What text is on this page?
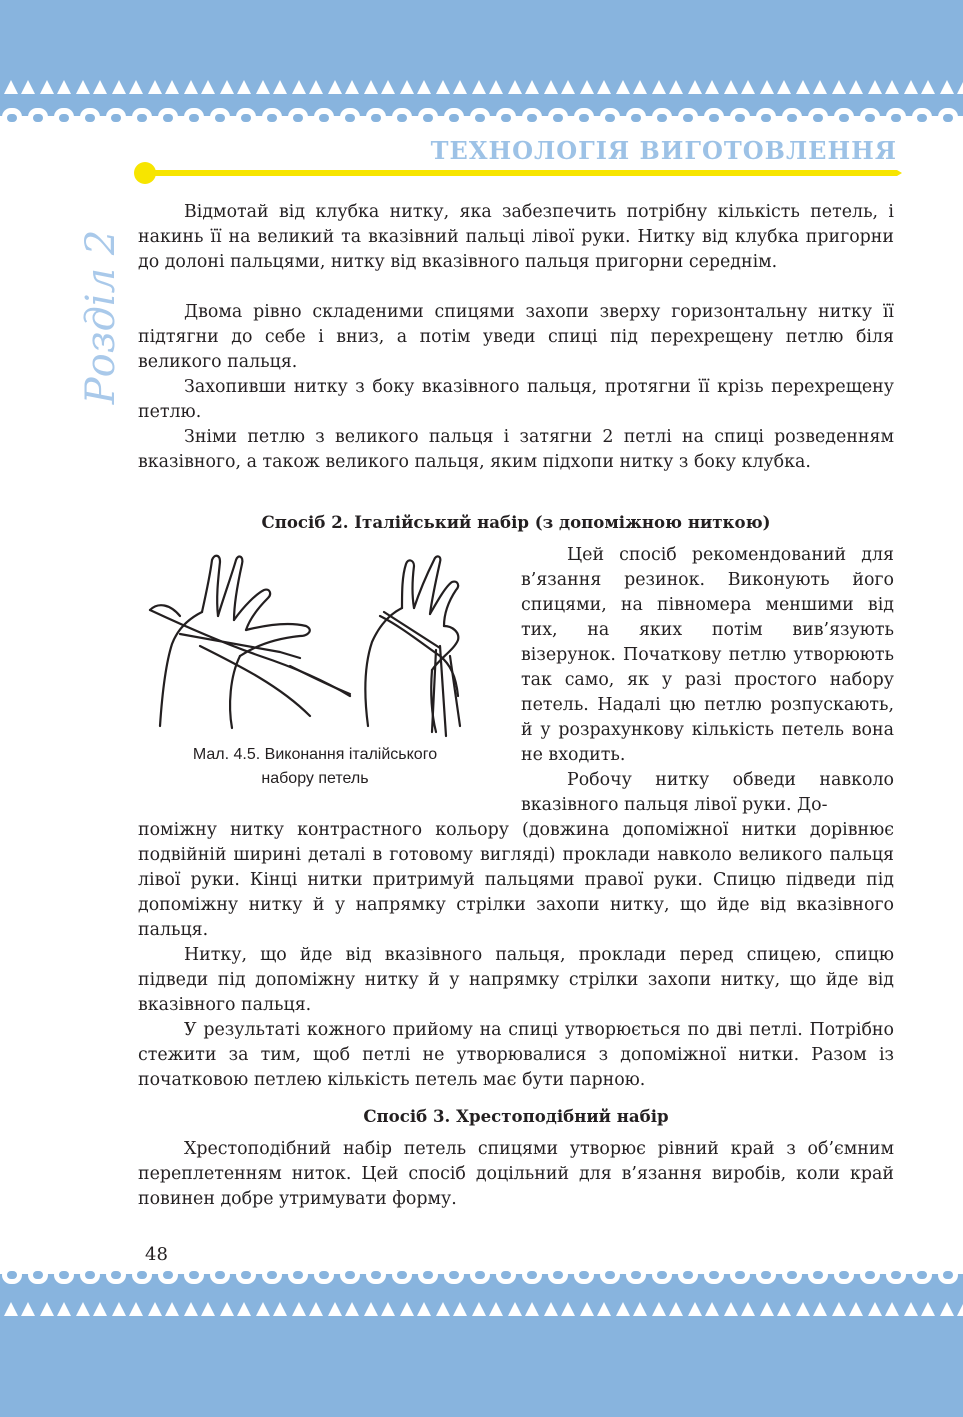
ТЕХНОЛОГІЯ ВИГОТОВЛЕННЯ
Розділ 2

Відмотай від клубка нитку, яка забезпечить потрібну кількість петель, і накинь її на великий та вказівний пальці лівої руки. Нитку від клубка пригорни до долоні пальцями, нитку від вказівного пальця пригорни середнім.

Двома рівно складеними спицями захопи зверху горизонтальну нитку її підтягни до себе і вниз, а потім уведи спиці під перехрещену петлю біля великого пальця.

Захопивши нитку з боку вказівного пальця, протягни її крізь перехрещену петлю.

Зніми петлю з великого пальця і затягни 2 петлі на спиці розведенням вказівного, а також великого пальця, яким підхопи нитку з боку клубка.

Спосіб 2. Італійський набір (з допоміжною ниткою)
Мал. 4.5. Виконання італійського
набору петель

Цей спосіб рекомендований для в’язання резинок. Виконують його спицями, на півномера меншими від тих, на яких потім вив’язують візерунок. Початкову петлю утворюють так само, як у разі простого набору петель. Надалі цю петлю розпускають, й у розрахункову кількість петель вона не входить.

Робочу нитку обведи навколо вказівного пальця лівої руки. До-

поміжну нитку контрастного кольору (довжина допоміжної нитки дорівнює подвійній ширині деталі в готовому вигляді) проклади навколо великого пальця лівої руки. Кінці нитки притримуй пальцями правої руки. Спицю підведи під допоміжну нитку й у напрямку стрілки захопи нитку, що йде від вказівного пальця.

Нитку, що йде від вказівного пальця, проклади перед спицею, спицю підведи під допоміжну нитку й у напрямку стрілки захопи нитку, що йде від вказівного пальця.

У результаті кожного прийому на спиці утворюється по дві петлі. Потрібно стежити за тим, щоб петлі не утворювалися з допоміжної нитки. Разом із початковою петлею кількість петель має бути парною.

Спосіб 3. Хрестоподібний набір

Хрестоподібний набір петель спицями утворює рівний край з об’ємним переплетенням ниток. Цей спосіб доцільний для в’язання виробів, коли край повинен добре утримувати форму.

48
